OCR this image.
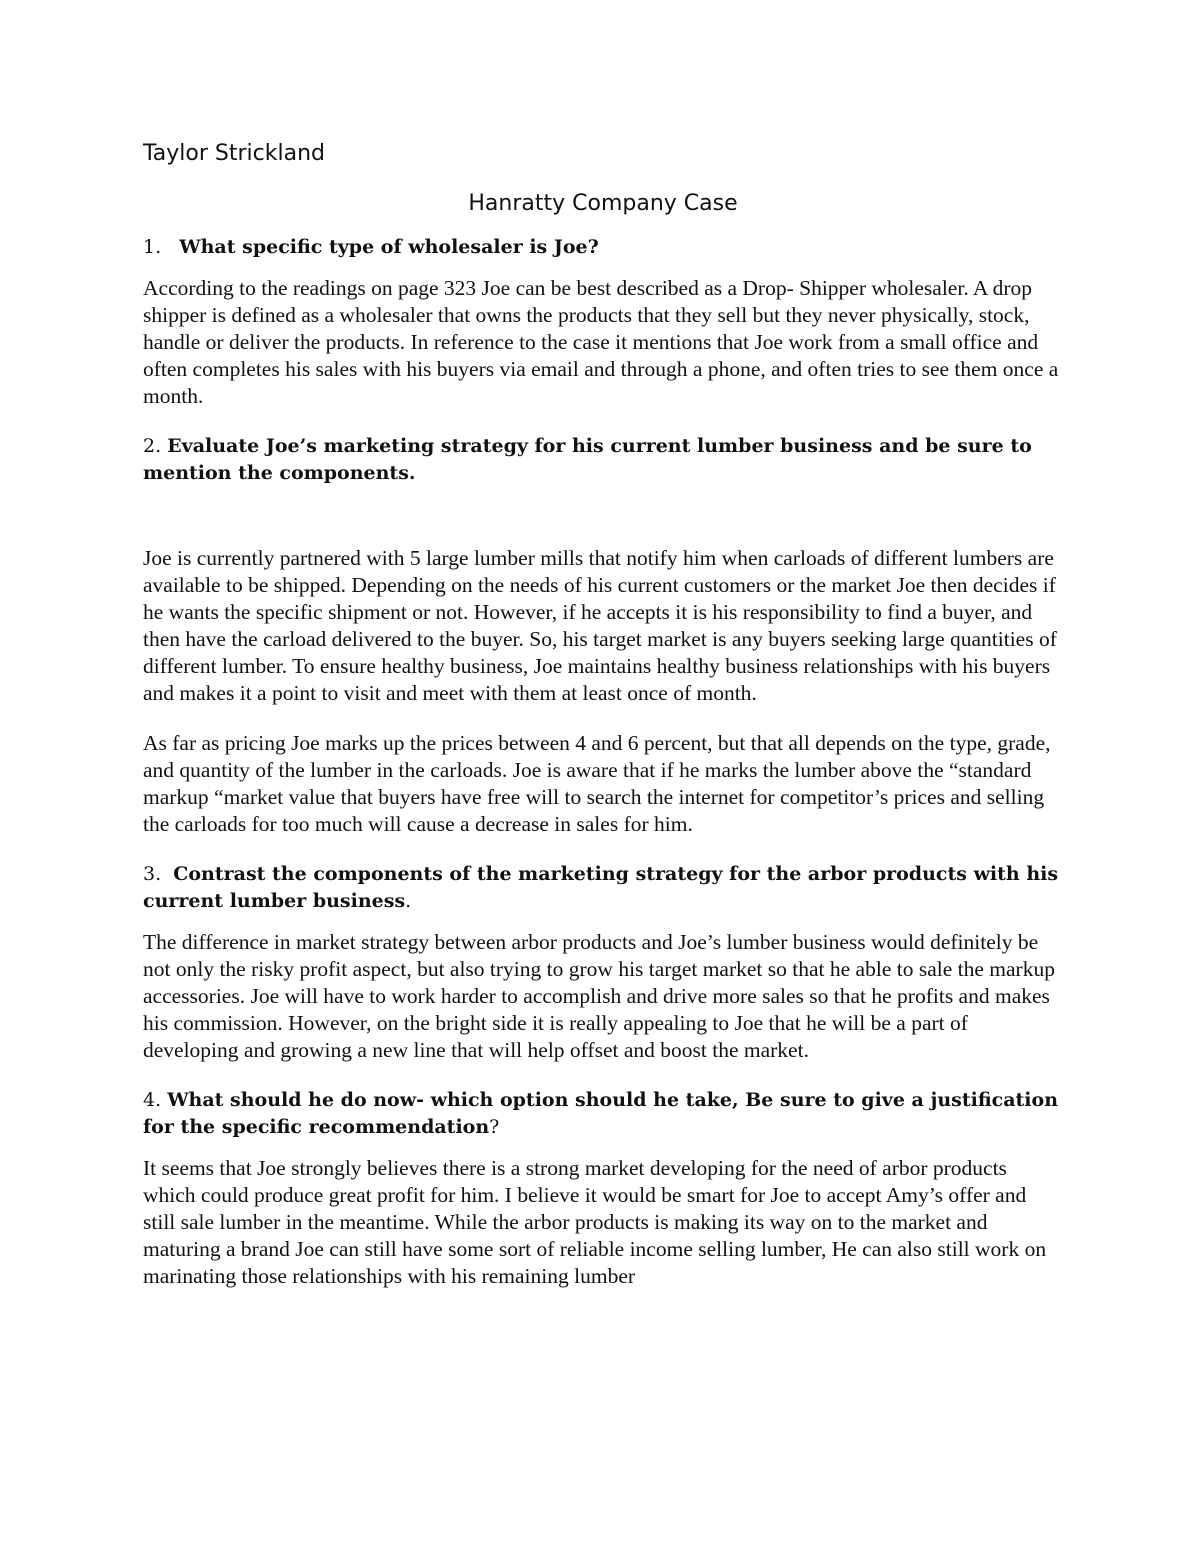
Taylor Strickland
Hanratty Company Case
1. What specific type of wholesaler is Joe?

According to the readings on page 323 Joe can be best described as a Drop- Shipper wholesaler. A drop shipper is defined as a wholesaler that owns the products that they sell but they never physically, stock, handle or deliver the products. In reference to the case it mentions that Joe work from a small office and often completes his sales with his buyers via email and through a phone, and often tries to see them once a month.

2. Evaluate Joe’s marketing strategy for his current lumber business and be sure to mention the components.

Joe is currently partnered with 5 large lumber mills that notify him when carloads of different lumbers are available to be shipped. Depending on the needs of his current customers or the market Joe then decides if he wants the specific shipment or not. However, if he accepts it is his responsibility to find a buyer, and then have the carload delivered to the buyer. So, his target market is any buyers seeking large quantities of different lumber. To ensure healthy business, Joe maintains healthy business relationships with his buyers and makes it a point to visit and meet with them at least once of month.

As far as pricing Joe marks up the prices between 4 and 6 percent, but that all depends on the type, grade, and quantity of the lumber in the carloads. Joe is aware that if he marks the lumber above the “standard markup “market value that buyers have free will to search the internet for competitor’s prices and selling the carloads for too much will cause a decrease in sales for him.

3. Contrast the components of the marketing strategy for the arbor products with his current lumber business.

The difference in market strategy between arbor products and Joe’s lumber business would definitely be not only the risky profit aspect, but also trying to grow his target market so that he able to sale the markup accessories. Joe will have to work harder to accomplish and drive more sales so that he profits and makes his commission. However, on the bright side it is really appealing to Joe that he will be a part of developing and growing a new line that will help offset and boost the market.

4. What should he do now- which option should he take, Be sure to give a justification for the specific recommendation?

It seems that Joe strongly believes there is a strong market developing for the need of arbor products which could produce great profit for him. I believe it would be smart for Joe to accept Amy’s offer and still sale lumber in the meantime. While the arbor products is making its way on to the market and maturing a brand Joe can still have some sort of reliable income selling lumber, He can also still work on marinating those relationships with his remaining lumber
